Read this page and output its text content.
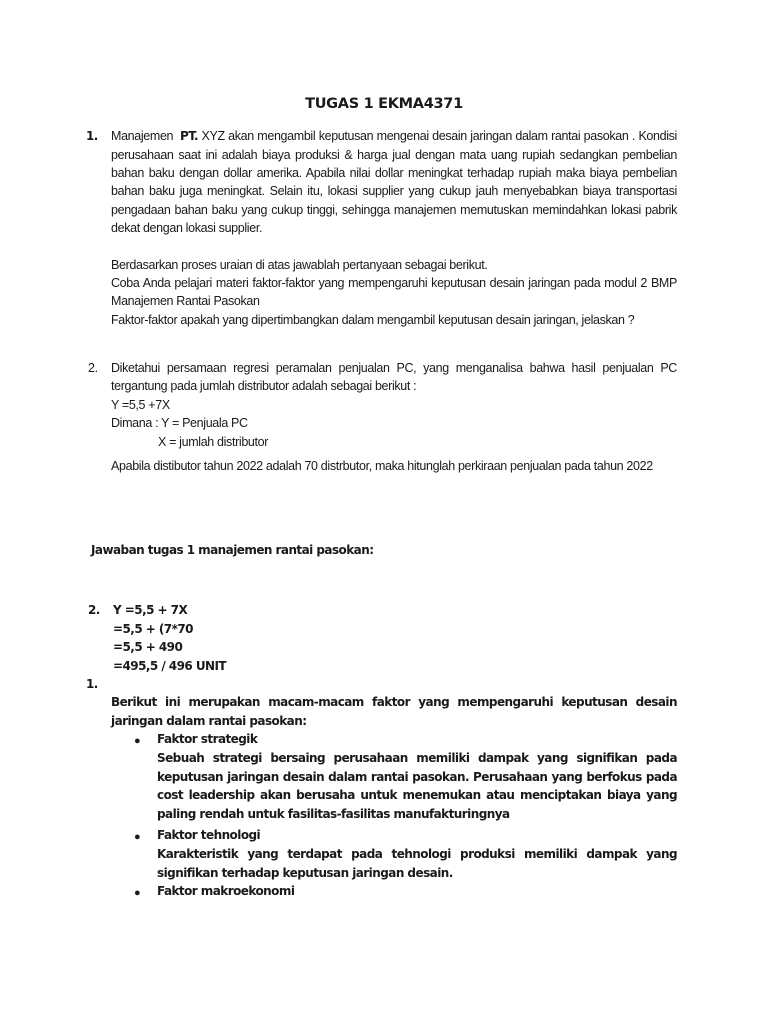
TUGAS 1 EKMA4371
1. Manajemen PT. XYZ akan mengambil keputusan mengenai desain jaringan dalam rantai pasokan . Kondisi perusahaan saat ini adalah biaya produksi & harga jual dengan mata uang rupiah sedangkan pembelian bahan baku dengan dollar amerika. Apabila nilai dollar meningkat terhadap rupiah maka biaya pembelian bahan baku juga meningkat. Selain itu, lokasi supplier yang cukup jauh menyebabkan biaya transportasi pengadaan bahan baku yang cukup tinggi, sehingga manajemen memutuskan memindahkan lokasi pabrik dekat dengan lokasi supplier.

Berdasarkan proses uraian di atas jawablah pertanyaan sebagai berikut.

Coba Anda pelajari materi faktor-faktor yang mempengaruhi keputusan desain jaringan pada modul 2 BMP Manajemen Rantai Pasokan

Faktor-faktor apakah yang dipertimbangkan dalam mengambil keputusan desain jaringan, jelaskan ?

2. Diketahui persamaan regresi peramalan penjualan PC, yang menganalisa bahwa hasil penjualan PC tergantung pada jumlah distributor adalah sebagai berikut :

Y =5,5 +7X

Dimana : Y = Penjuala PC

X = jumlah distributor

Apabila distibutor tahun 2022 adalah 70 distrbutor, maka hitunglah perkiraan penjualan pada tahun 2022

Jawaban tugas 1 manajemen rantai pasokan:
2. Y =5,5 + 7X
=5,5 + (7*70
=5,5 + 490
=495,5 / 496 UNIT
1.
Berikut ini merupakan macam-macam faktor yang mempengaruhi keputusan desain jaringan dalam rantai pasokan:
● Faktor strategik
Sebuah strategi bersaing perusahaan memiliki dampak yang signifikan pada keputusan jaringan desain dalam rantai pasokan. Perusahaan yang berfokus pada cost leadership akan berusaha untuk menemukan atau menciptakan biaya yang paling rendah untuk fasilitas-fasilitas manufakturingnya
● Faktor tehnologi
Karakteristik yang terdapat pada tehnologi produksi memiliki dampak yang signifikan terhadap keputusan jaringan desain.
● Faktor makroekonomi
